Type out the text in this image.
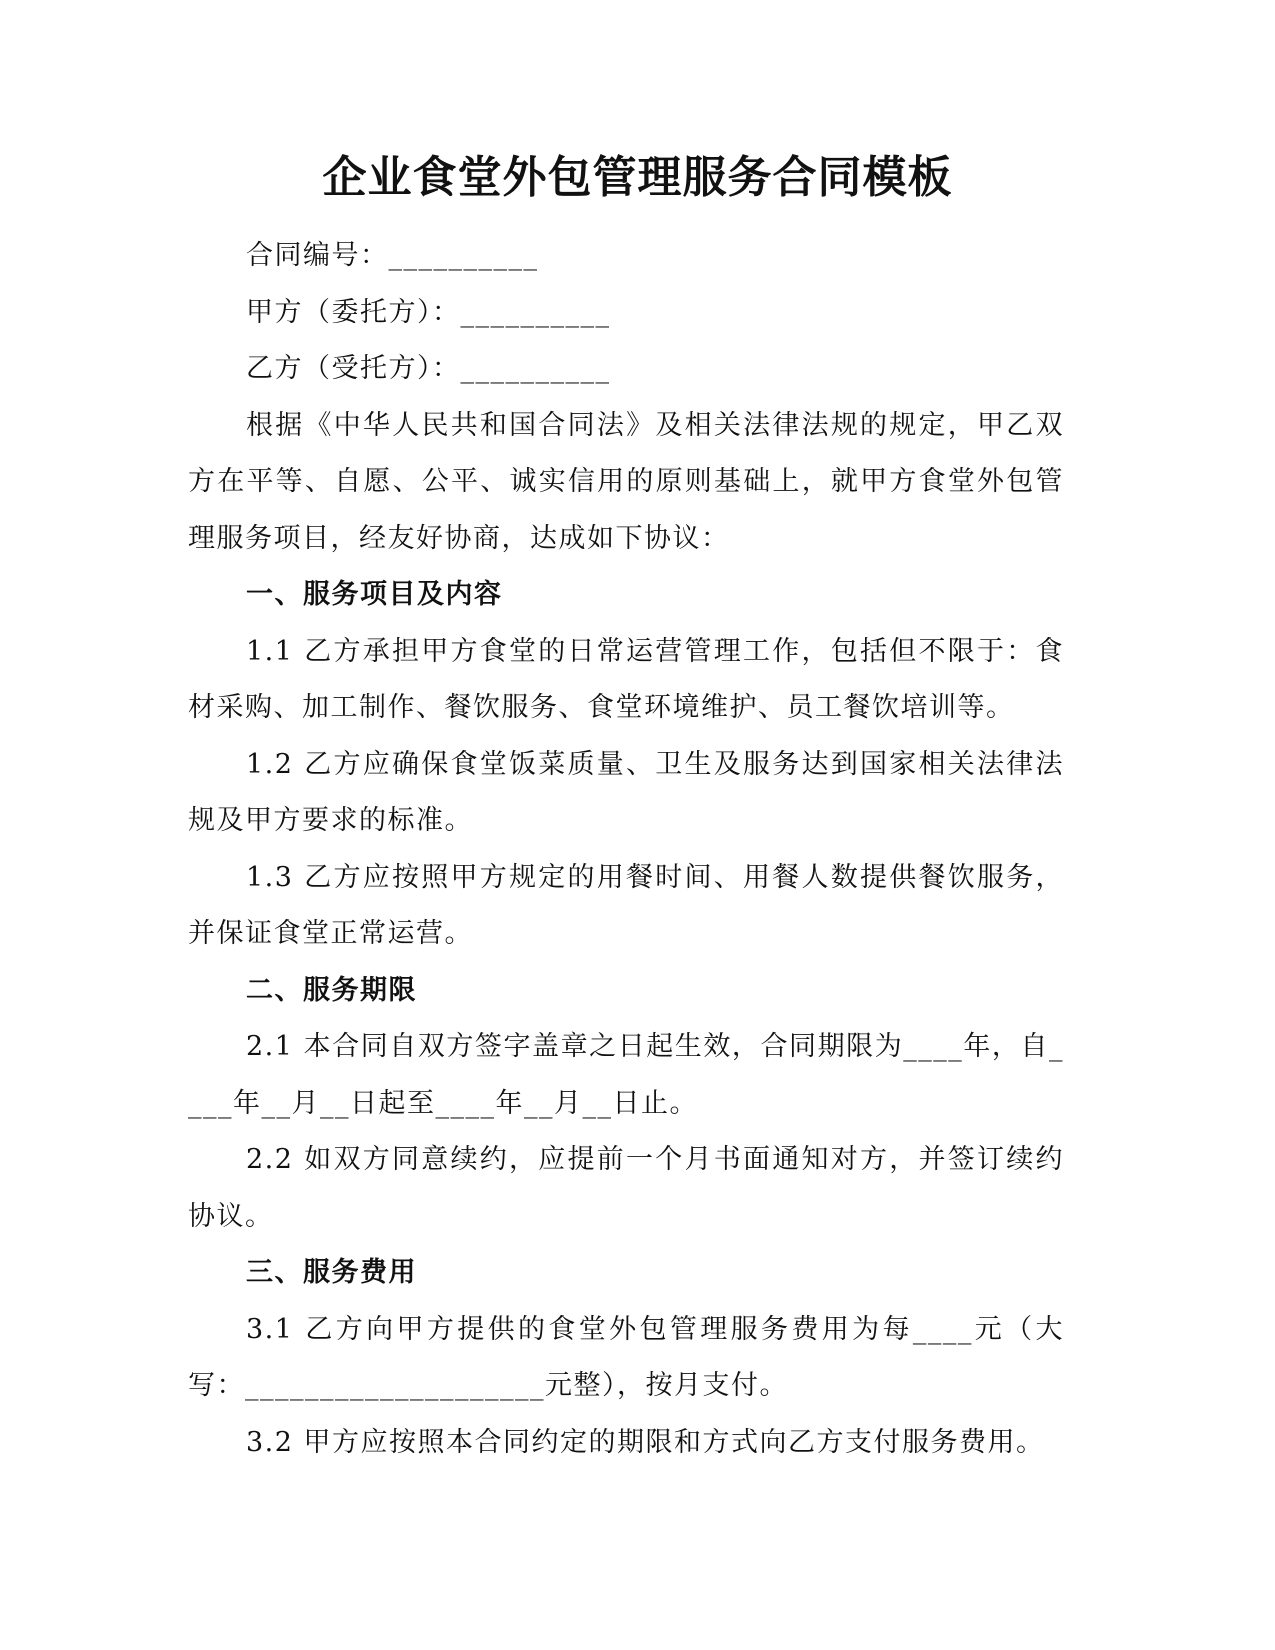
企业食堂外包管理服务合同模板

合同编号：__________

甲方（委托方）：__________

乙方（受托方）：__________

根据《中华人民共和国合同法》及相关法律法规的规定，甲乙双方在平等、自愿、公平、诚实信用的原则基础上，就甲方食堂外包管理服务项目，经友好协商，达成如下协议：

一、服务项目及内容

1.1 乙方承担甲方食堂的日常运营管理工作，包括但不限于：食材采购、加工制作、餐饮服务、食堂环境维护、员工餐饮培训等。

1.2 乙方应确保食堂饭菜质量、卫生及服务达到国家相关法律法规及甲方要求的标准。

1.3 乙方应按照甲方规定的用餐时间、用餐人数提供餐饮服务，并保证食堂正常运营。

二、服务期限

2.1 本合同自双方签字盖章之日起生效，合同期限为____年，自____年__月__日起至____年__月__日止。

2.2 如双方同意续约，应提前一个月书面通知对方，并签订续约协议。

三、服务费用

3.1 乙方向甲方提供的食堂外包管理服务费用为每____元（大写：____________________元整），按月支付。

3.2 甲方应按照本合同约定的期限和方式向乙方支付服务费用。
